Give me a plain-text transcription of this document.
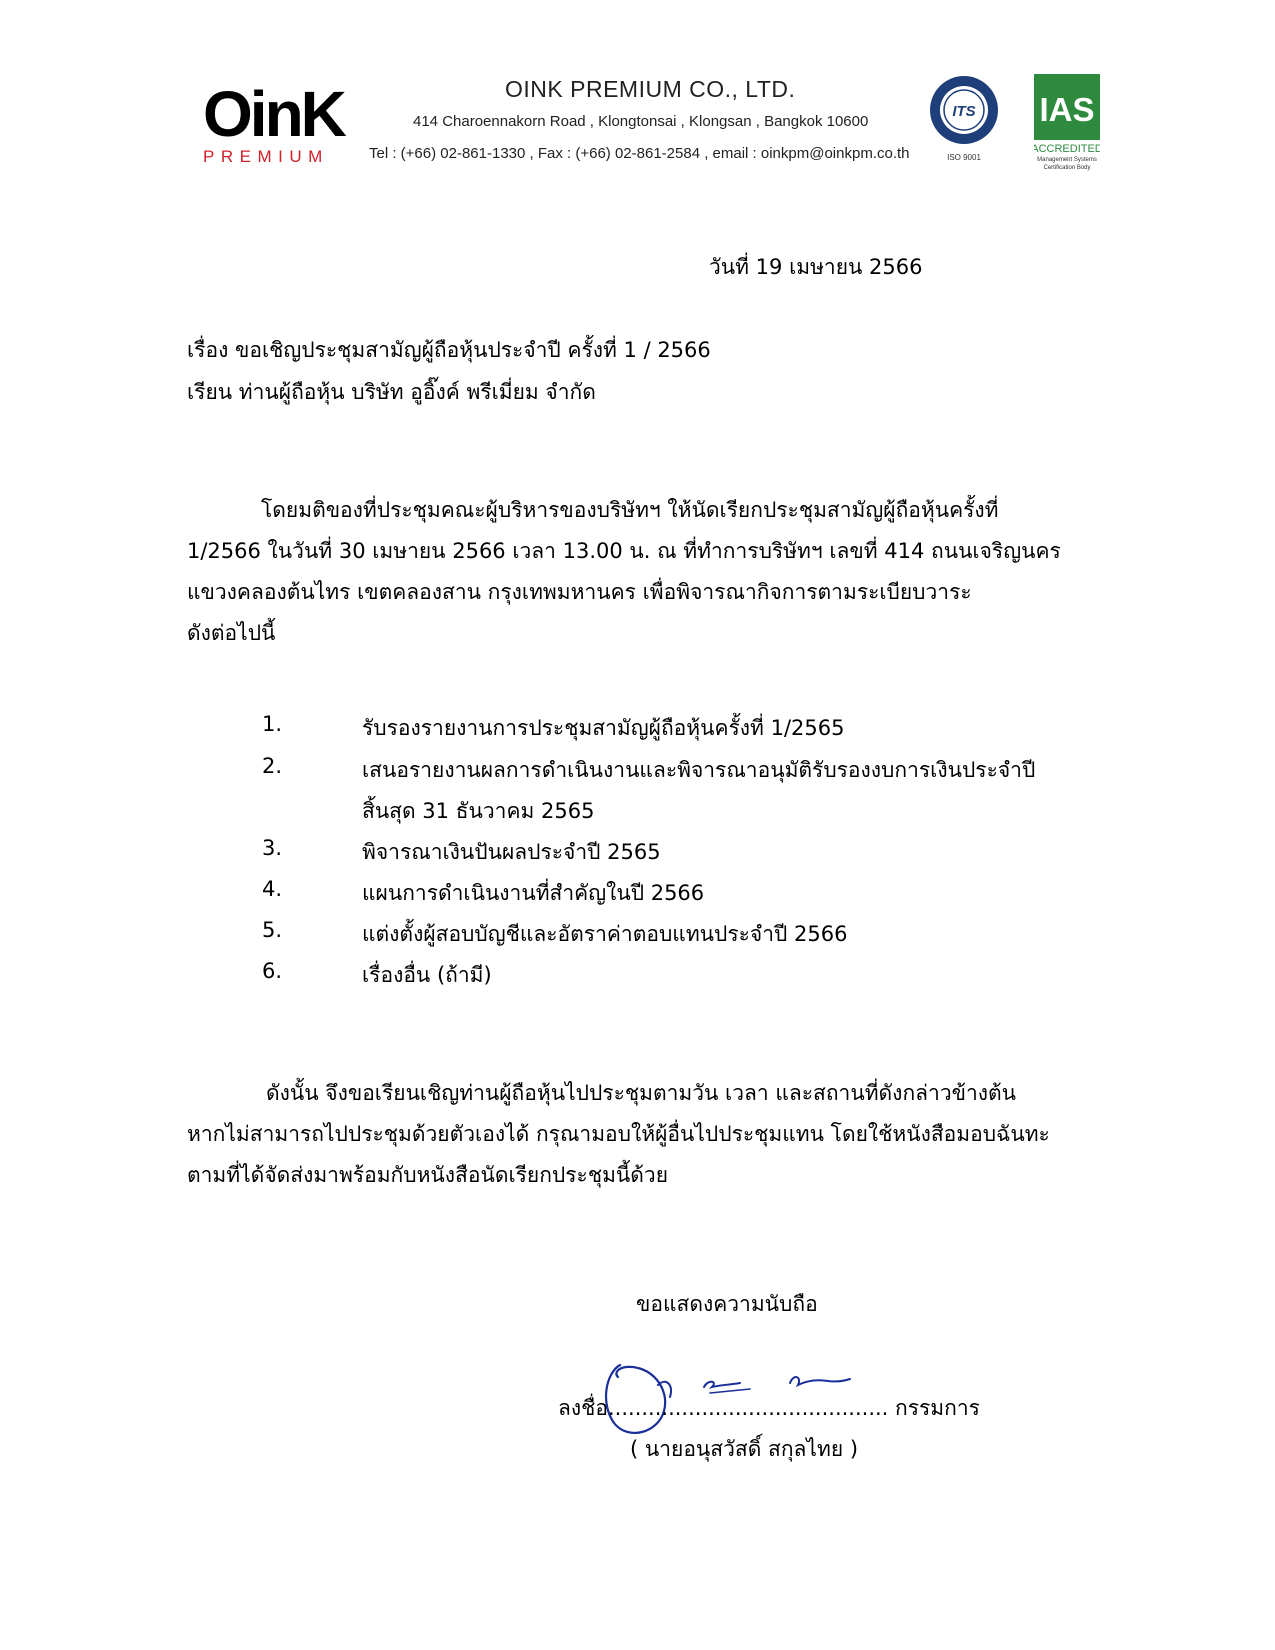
OinK
PREMIUM
OINK PREMIUM CO., LTD.
414 Charoennakorn Road , Klongtonsai , Klongsan , Bangkok 10600
Tel : (+66) 02-861-1330 , Fax : (+66) 02-861-2584 , email : oinkpm@oinkpm.co.th
ITS
ISO 9001
IAS
ACCREDITED
Management Systems
Certification Body
วันที่ 19 เมษายน 2566
เรื่อง ขอเชิญประชุมสามัญผู้ถือหุ้นประจำปี ครั้งที่ 1 / 2566
เรียน ท่านผู้ถือหุ้น บริษัท อูอิ๊งค์ พรีเมี่ยม จำกัด
โดยมติของที่ประชุมคณะผู้บริหารของบริษัทฯ ให้นัดเรียกประชุมสามัญผู้ถือหุ้นครั้งที่
1/2566 ในวันที่ 30 เมษายน 2566 เวลา 13.00 น. ณ ที่ทำการบริษัทฯ เลขที่ 414 ถนนเจริญนคร
แขวงคลองต้นไทร เขตคลองสาน กรุงเทพมหานคร เพื่อพิจารณากิจการตามระเบียบวาระ
ดังต่อไปนี้
1.	รับรองรายงานการประชุมสามัญผู้ถือหุ้นครั้งที่ 1/2565
2.	เสนอรายงานผลการดำเนินงานและพิจารณาอนุมัติรับรองงบการเงินประจำปี
สิ้นสุด 31 ธันวาคม 2565
3.	พิจารณาเงินปันผลประจำปี 2565
4.	แผนการดำเนินงานที่สำคัญในปี 2566
5.	แต่งตั้งผู้สอบบัญชีและอัตราค่าตอบแทนประจำปี 2566
6.	เรื่องอื่น (ถ้ามี)
ดังนั้น จึงขอเรียนเชิญท่านผู้ถือหุ้นไปประชุมตามวัน เวลา และสถานที่ดังกล่าวข้างต้น
หากไม่สามารถไปประชุมด้วยตัวเองได้ กรุณามอบให้ผู้อื่นไปประชุมแทน โดยใช้หนังสือมอบฉันทะ
ตามที่ได้จัดส่งมาพร้อมกับหนังสือนัดเรียกประชุมนี้ด้วย
ขอแสดงความนับถือ
ลงชื่อ.......................................... กรรมการ
( นายอนุสวัสดิ์ สกุลไทย )
